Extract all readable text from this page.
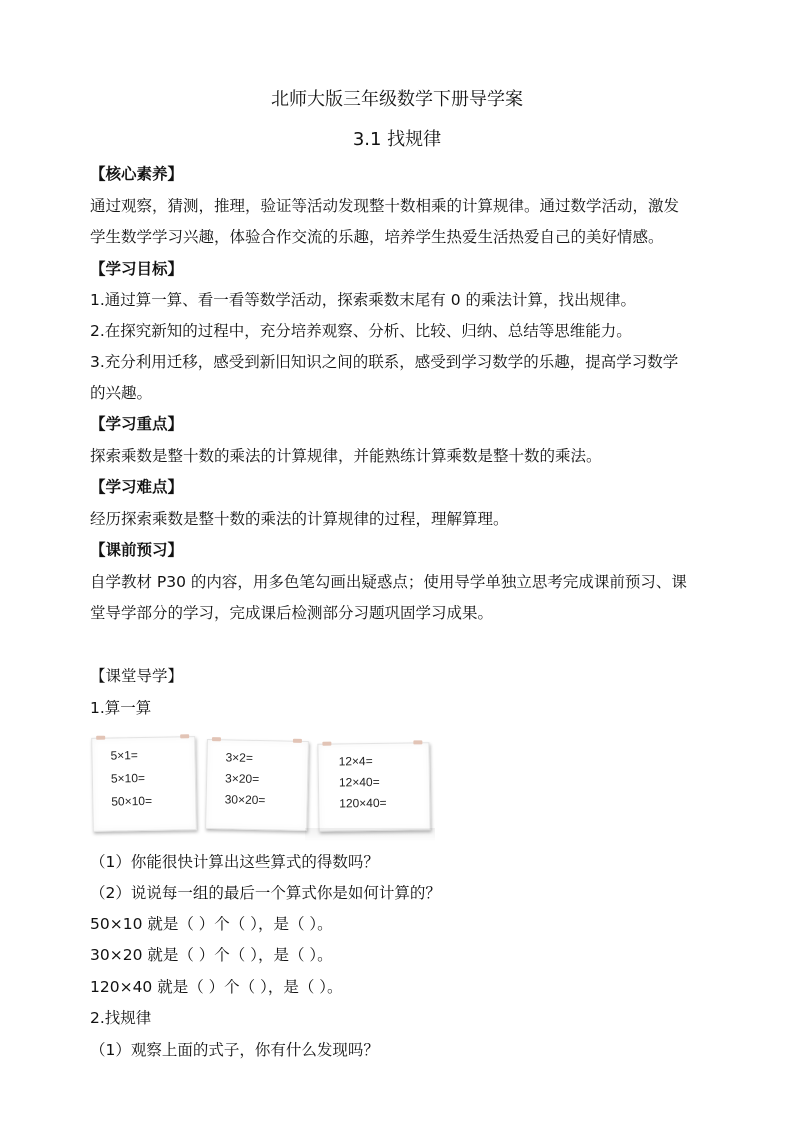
北师大版三年级数学下册导学案
3.1 找规律
【核心素养】
通过观察，猜测，推理，验证等活动发现整十数相乘的计算规律。通过数学活动，激发
学生数学学习兴趣，体验合作交流的乐趣，培养学生热爱生活热爱自己的美好情感。
【学习目标】
1.通过算一算、看一看等数学活动，探索乘数末尾有 0 的乘法计算，找出规律。
2.在探究新知的过程中，充分培养观察、分析、比较、归纳、总结等思维能力。
3.充分利用迁移，感受到新旧知识之间的联系，感受到学习数学的乐趣，提高学习数学
的兴趣。
【学习重点】
探索乘数是整十数的乘法的计算规律，并能熟练计算乘数是整十数的乘法。
【学习难点】
经历探索乘数是整十数的乘法的计算规律的过程，理解算理。
【课前预习】
自学教材 P30 的内容，用多色笔勾画出疑惑点；使用导学单独立思考完成课前预习、课
堂导学部分的学习，完成课后检测部分习题巩固学习成果。
【课堂导学】
1.算一算
5×1=
5×10=
50×10=
3×2=
3×20=
30×20=
12×4=
12×40=
120×40=
（1）你能很快计算出这些算式的得数吗？
（2）说说每一组的最后一个算式你是如何计算的？
50×10 就是（ ）个（ ），是（ ）。
30×20 就是（ ）个（ ），是（ ）。
120×40 就是（ ）个（ ），是（ ）。
2.找规律
（1）观察上面的式子，你有什么发现吗？
